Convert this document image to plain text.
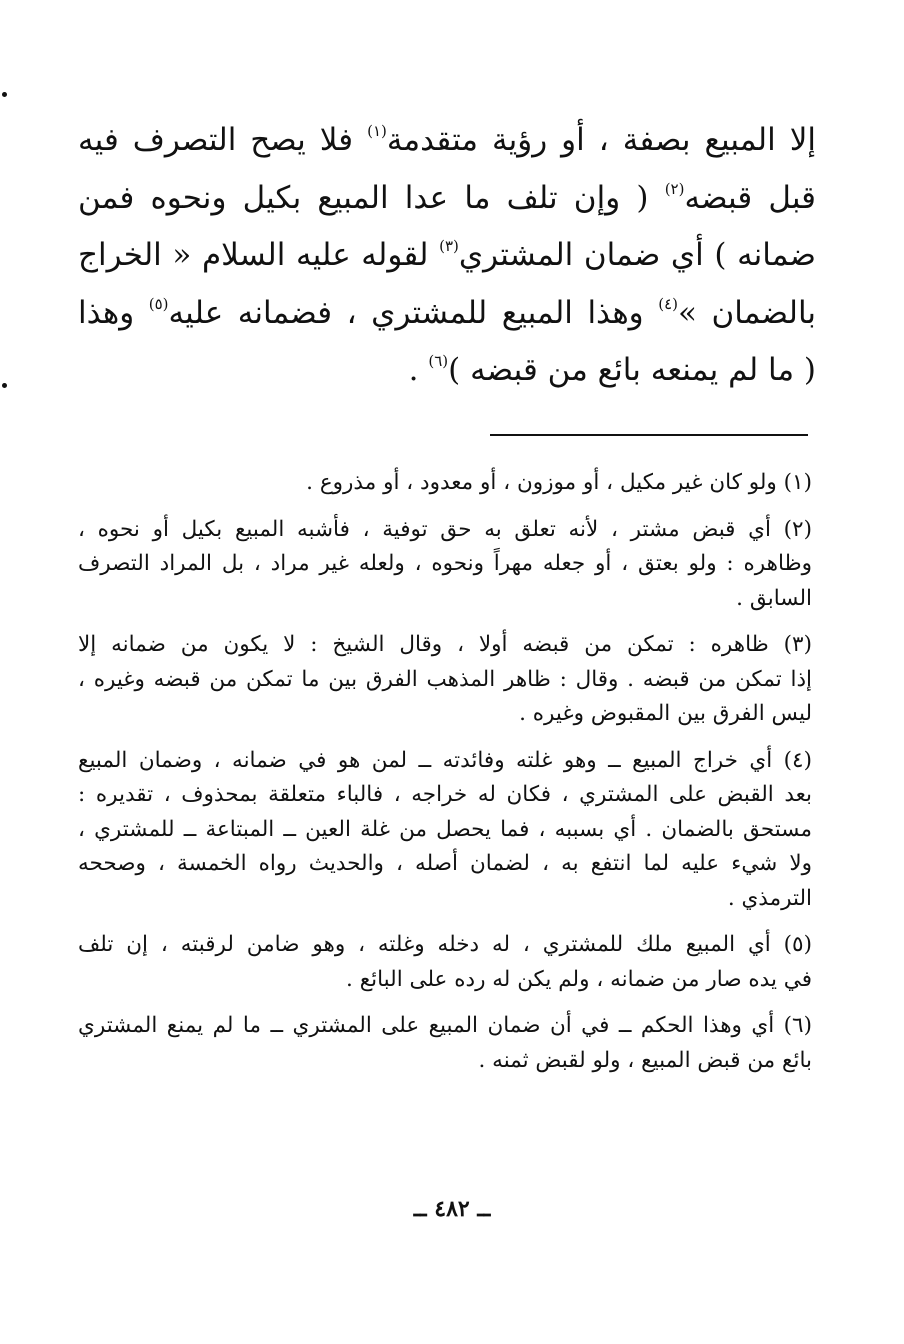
إلا المبيع بصفة ، أو رؤية متقدمة$^{(١)}$ فلا يصح التصرف فيه
قبل قبضه$^{(٢)}$ ( وإن تلف ما عدا المبيع بكيل ونحوه فمن
ضمانه ) أي ضمان المشتري$^{(٣)}$ لقوله عليه السلام « الخراج
بالضمان »$^{(٤)}$ وهذا المبيع للمشتري ، فضمانه عليه$^{(٥)}$ وهذا
( ما لم يمنعه بائع من قبضه )$^{(٦)}$ .

(١) ولو كان غير مكيل ، أو موزون ، أو معدود ، أو مذروع .

(٢) أي قبض مشتر ، لأنه تعلق به حق توفية ، فأشبه المبيع بكيل أو نحوه ،
وظاهره : ولو بعتق ، أو جعله مهراً ونحوه ، ولعله غير مراد ، بل المراد التصرف
السابق .

(٣) ظاهره : تمكن من قبضه أولا ، وقال الشيخ : لا يكون من ضمانه إلا
إذا تمكن من قبضه . وقال : ظاهر المذهب الفرق بين ما تمكن من قبضه وغيره ،
ليس الفرق بين المقبوض وغيره .

(٤) أي خراج المبيع ــ وهو غلته وفائدته ــ لمن هو في ضمانه ، وضمان المبيع
بعد القبض على المشتري ، فكان له خراجه ، فالباء متعلقة بمحذوف ، تقديره :
مستحق بالضمان . أي بسببه ، فما يحصل من غلة العين ــ المبتاعة ــ للمشتري ،
ولا شيء عليه لما انتفع به ، لضمان أصله ، والحديث رواه الخمسة ، وصححه
الترمذي .

(٥) أي المبيع ملك للمشتري ، له دخله وغلته ، وهو ضامن لرقبته ، إن تلف
في يده صار من ضمانه ، ولم يكن له رده على البائع .

(٦) أي وهذا الحكم ــ في أن ضمان المبيع على المشتري ــ ما لم يمنع المشتري
بائع من قبض المبيع ، ولو لقبض ثمنه .

ــ ٤٨٢ ــ
